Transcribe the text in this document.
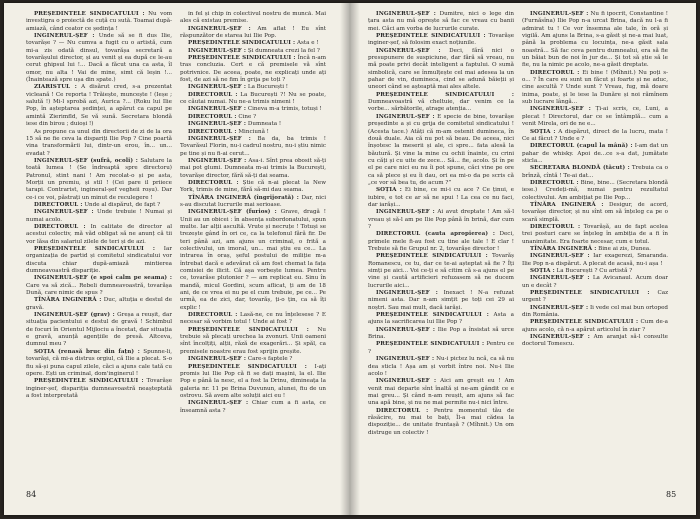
PREȘEDINTELE SINDICATULUI : Nu vom investigra o proiectă de cuță cu sută. Toamai după-amiază, când ceator ce ședința !

INGINERUL-ȘEF : Unde să se fi dus Ilie, tovarășe ? — Nu cumva a fugit cu o artistă, cum mi-a zis odată dinsul, tovarășa secretară a tovarășului director, și au venit și ea după ce le-au cerut ghipsul lui !... Dacă a făcut una ca asta, îl omor, nu alta ! Vai de mine, simt că leșin !... (Înaintează spre ușa din spate.)

ZIARISTUL : A disărut cred, s-a prezentat vicleană ! Ce reporta ! Trăiește, muncește ! (Ieșe ; salută !) Mi-l sprobă azi, Aurica ?... (Roku lui Ilie Pop, în așteptarea ședinței, a apărut ca capul pe amintă Zierimfld, Se vă sună. Secretara blondă iese din birou ; duioși !)

As propune ca unul din directorii de zi de la ora 15 să ne fie ceva la dispariți Ilie Pop ? Cine poartă vina transformării lui, dintr-un erou, în... un... evadat ?

INGINERUL-ȘEF (sufră, ocoli) : Salutare la toată lumea ! (Se îndreaptă spre directoru) Patronul, stint nani ! Am recolat-o și pe asta, Morții un premiu, și stil ! (Cei pare il priiece tarapi. Contrarist, ingineral-șef vegheii roșu). Dar ce-i ce voi, păstrați un minut de reculegere !

DIRECTORUL : Unde al dispărut, de fapt ?

INGINERUL-ȘEF : Unde trebuie ! Numai și numai acolo.

DIRECTORUL : In calitate de director al acestui colectiv, mă văd obligat să ne anunț că tii vor lăsa din salariul zilele de teri și de azi.

PREȘEDINTELE SINDICATULUI : Iar organizația de partid și comitetul sindicatului vor discuta chiar după-amiază mintierea dumneavoastră dispariție.

INGINERUL-ȘEF (e spoi calm pe seama) : Care va să zică... Rebeli dumneavoastră, tovarășa Dună, care nimic de spus ?

TÎNĂRA INGINERĂ : Duc, altuția e destul de gravă.

INGINERUL-ȘEF (grav) : Greșa a reușit, dar situația pacientului e destul de gravă ! Schimbul de focuri în Orientul Mijlociu a încetat, dar situația e gravă, anunță agențiile de presă. Altceva, dumnul meu ?

SOȚIA (renasă bruc din fațn) : Spunne-li, tovarăși, că mi-a distrus orgiul, că Ilie a plecat. S-o fiu să-și puna capul zilele, căci a ajuns cale tată cu opere. Ești un criminal, dom'inginerul !

PREȘEDINTELE SINDICATULUI : Tovarășe inginer-șef, dispariția dumneavoastră neașteptată a fost interpretată

în fel și chip în colectivul nostru de muncă. Mai ales că existau premise.

INGINERUL-ȘEF : Am aflat ! Eu sînt răspunzător de starea lui Ilie Pop.

PREȘEDINTELE SINDICATULUI : Asta e !

INGINERUL-ȘEF : Și dumneata crezi la fel ?

PREȘEDINTELE SINDICATULUI : Încă n-am tras concluzia. Cert e că premisele vă sînt potrivnice. De aceea, poate, ne explicați unde ați fost, de azi să ne fim în grija pe toți ?

INGINERUL-ȘEF : La București !

DIRECTORUL : La București ?! Nu se poate, ce căutai numai. Nu ne-a trimis nimeni !

INGINERUL-ȘEF : Cineva m-a trimis, totuși !

DIRECTORUL : Cine ?

INGINERUL-ȘEF : Dumneata !

DIRECTORUL : Minciună !

INGINERUL-ȘEF : Ba da, ba trimis ! Tovarăsul Florin, nu-i cadrul nostru, nu-i știu nimic pe tine și nu fi-ai cerut...

INGINERUL-ȘEF : Asa-i. Sînt prea obosit să-ți mai pot glumi. Dumneata m-ai trimis la București, tovarășe director, fără să-ți dai seama.

DIRECTORUL : Știe că n-ai plecat la New York, trimis de mine, fără să-mi dau seama.

TÎNĂRA INGINERĂ (îngrijorată) : Dar, nici s-au discutat lucrurile mai serioase.

INGINERUL-ȘEF (furios) : Grave, dragă ! Unii au un obicei : în absența subordonatului, spun multe. Iar alții ascultă. Vrute și necruțe ! Totuși se trezește gând în ori ce, ca la telefonul fără fir. De teri până azi, am ajuns un criminal, o frită a colectivului, un imoral, un... mai știu eu ce... La intrarea în oraș, șeful postului de miliție m-a întrebat dacă e adevărat că am fost chemat la fața comisiei de ilicit. Că așa vorbește lumea. Pentru ce, tovarăse plutonier ? — am replicat eu. Sinu în mandă, micul Gordini, scum aflicat, ți am de 18 ani, de ce vrea ei nu pe el cum trebuie, pe ce... Pe urmă, ea de zici, dar, tovarăș, ți-o țin, ca să îți explic !

DIRECTORUL : Lasă-ne, ce nu înțelesese ? E necesar să vorbim totul ! Unde ai fost ?

PREȘEDINTELE SINDICATULUI : Nu trebuie să plecați urechea la zvonuri. Unii oameni sînt încolțiți, alții, răză de exagerări... Și spăl, ca premisele noastre erau fost sprijin greșite.

INGINERUL-ȘEF : Care-s faptele ?

PREȘEDINTELE SINDICATULUI : I-ați promis lui Ilie Pop că fi se dați mașini, la el. Ilie Pop e până la nesc, el a fost la Drinu, dimineața la galeria nr. 11 pe Brina Duvunun, alunei, fiu de un ostrovu. Să avem alte soluții aici eu !

INGINERUL-ȘEF : Chiar cum a fi asta, ce înseamnă asta ?

84

INGINERUL-ȘEF : Dumitre, nici o lege din țara asta nu mă oprește să fac ce vreau cu banii mei. Căci am vorba de lucrurile curate.

PREȘEDINTELE SINDICATULUI : Tovarășe inginer-șef, să folosim exact noțiunile.

INGINERUL-ȘEF : Deci, fără nici o presupunere de suspiciune, dar fără să vreau, nu mă poate privi decât inteligent a faptului. O sumă simbolică, care se înmulțește cel mai adesea la un pahar de vin, dumineca, cind se adună băieții și uneori când se așteaptă mai ales altele.

PREȘEDINTELE SINDICATULUI : Dumneavoastră vă cheltuie, dar venim ce la vorbe... sărbătorile, atrage atenția...

INGINERUL-ȘEF : E specie de bine, tovarășe președinte a și cu grija de comitetul sindicatului ! (Acesta tace.) Atâți că m-am ostenit dumineca, în două duale. Aia că nu pot să beau. De aceea, nici înșotesc la meserii și ale, ci spre... fata alesă la băutură. Și vine la mine cu ochii înainte, cu crini cu căți și cu uite de zece... Să... fie, acolo. Și în pe el pe care nici eu nu îi pot spune, căci vine pe ore ca să plece și eu îi dau, ori ea mi-o da pe scris că „ce vor să bea tu, de acum ?”

SOȚIA : Ei bine, ce mi-i cu ace ? Ce ținui, e iubire, e tot ce ar să ne spui ! La cea ce nu faci, dar iarăși...

INGINERUL-ȘEF : Ai avut dreptate ! Am să-l vreau și să-l am pe Ilie Pop până în brină, dar cum ?

DIRECTORUL (cauta apropierea) : Deci, primele mele fi-au fost cu tine ale tale ! E clar ! Trebuie să fie Grupul nr. 2, tovarășe director !

PREȘEDINTELE SINDICATULUI : Tovarăș Romanescu, ce tu, dar ce te-ai așteptat să fie ? Îți simți pe aici... Voi ce-ți e să citim că s-a ajuns el pe vine și caută artificieri refuzasem să ne ducem lucrurile aici...

INGINERUL-ȘEF : Inexact ! N-a refuzat nimeni asta. Dar n-am simțit pe toți cei 29 ai noștri. Sau mai mult, dacă iarăși.

PREȘEDINTELE SINDICATULUI : Asta a ajuns la sacrificarea lui Ilie Pop ?

INGINERUL-ȘEF : Ilie Pop a însistat să urce Brina.

PREȘEDINTELE SINDICATULUI : Pentru ce ?

INGINERUL-ȘEF : Nu-i pictez lu ncă, ca să nu dea sticla ! Așa am și vorbit între noi. Nu-i Ilie acolo !

INGINERUL-ȘEF : Aici am greșit eu ! Am venit mai departe sînt înaltă și ne-am gândit ce e mai greu... Și când n-am reușit, am ajuns să fac una apă bine, și nu ne mai permite nu-i nici între.

DIRECTORUL : Pentru momentul tău de răsăcire, nu mai te bați, Îl-a mai cădea la dispoziție... de unitate fruntașă ? (Mîhnit.) Un om distruge un colectiv !

INGINERUL-ȘEF : Nu fi ipocrit, Constantine ! (Furnăsîna) Ilie Pop n-a urcat Brina, dacă nu l-a fi admirat tu ! Ce vor însemna ale tale, în oră și vigilă. Am ajuns la Brina, s-a găsit și ne-a mai luat, până la problema cu locuința, ne-a găsit sala noastră... Să fac ceva pentru dumnealui, era să fie un băiat bun de noi în jur de... Și tot să știe să le fie, nu la nimic pe acolo, ne-a găsit dreptate.

DIRECTORUL : Ei bine ! (Mîhnit.) Nu poți s-o... ? În care eu sunt un făcut și foarte și ne aduc, cine ascultă ? Unde sunt ? Vreau, fug, mă doare inima, poate, și le iese la Dunăre și noi rămînem sub lucrare lângă...

INGINERUL-ȘEF : Ți-ai scris, ce, Luni, a plecat ! Directorul, dar ce se întâmplă... cum a venit Mirela, ori de ne e...

SOȚIA : A dispărut, direct de la lucru, mata ! Ce ai făcut ? Unde e ?

DIRECTORUL (capul la mână) : I-am dat un pahar de whisky. Apoi de...ce s-a dat, jumătate sticla...

SECRETARA BLONDĂ (tăcut) : Trebuia ca o brînză, cîntă ! Te-ai dat...

DIRECTORUL : Bine, bine... (Secretara blondă iese.) Credeți-mă, numai pentru rezultatul colectivului. Am ambițiat pe Ilie Pop...

TÎNĂRA INGINERĂ : Desigur, de acord, tovarășe director, și nu sînt om să înțeleg ca pe o scară simplă.

DIRECTORUL : Tovarășă, au de fapt acelea trei posturi care se înțeleg în ambiția de a fi în unanimitate. Era foarte necesar, cum e totul.

TÎNĂRA INGINERĂ : Bine ai zis, Dunea.

INGINERUL-ȘEF : Iar exagerezi, Smaranda. Ilie Pop n-a dispărut. A plecat de acasă, nu-i așa !

SOȚIA : La București ? Cu artistă ?

INGINERUL-ȘEF : La Avicanaul. Acum doar un e decât ?

PREȘEDINTELE SINDICATULUI : Caz urgent ?

INGINERUL-ȘEF : Ii vede cel mai bun ortoped din România.

PREȘEDINTELE SINDICATULUI : Cum de-a ajuns acolo, că n-a apărut articolul în ziar ?

INGINERUL-ȘEF : Am aranjat să-l consulte doctorul Tomescu.

85
